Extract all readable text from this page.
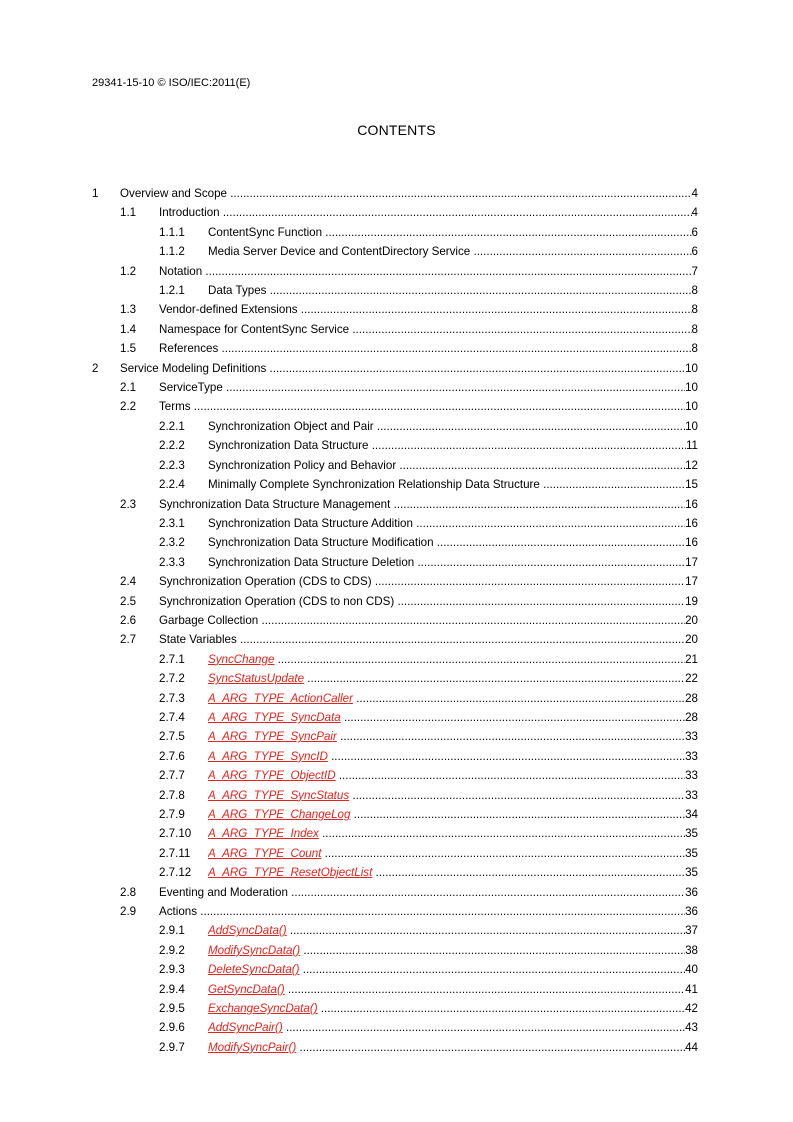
29341-15-10 © ISO/IEC:2011(E)
CONTENTS
1	Overview and Scope .....	4
1.1	Introduction .....	4
1.1.1	ContentSync Function .....	6
1.1.2	Media Server Device and ContentDirectory Service .....	6
1.2	Notation .....	7
1.2.1	Data Types .....	8
1.3	Vendor-defined Extensions .....	8
1.4	Namespace for ContentSync Service .....	8
1.5	References .....	8
2	Service Modeling Definitions .....	10
2.1	ServiceType .....	10
2.2	Terms .....	10
2.2.1	Synchronization Object and Pair .....	10
2.2.2	Synchronization Data Structure .....	11
2.2.3	Synchronization Policy and Behavior .....	12
2.2.4	Minimally Complete Synchronization Relationship Data Structure .....	15
2.3	Synchronization Data Structure Management .....	16
2.3.1	Synchronization Data Structure Addition .....	16
2.3.2	Synchronization Data Structure Modification .....	16
2.3.3	Synchronization Data Structure Deletion .....	17
2.4	Synchronization Operation (CDS to CDS) .....	17
2.5	Synchronization Operation (CDS to non CDS) .....	19
2.6	Garbage Collection .....	20
2.7	State Variables .....	20
2.7.1	SyncChange .....	21
2.7.2	SyncStatusUpdate .....	22
2.7.3	A_ARG_TYPE_ActionCaller .....	28
2.7.4	A_ARG_TYPE_SyncData .....	28
2.7.5	A_ARG_TYPE_SyncPair .....	33
2.7.6	A_ARG_TYPE_SyncID .....	33
2.7.7	A_ARG_TYPE_ObjectID .....	33
2.7.8	A_ARG_TYPE_SyncStatus .....	33
2.7.9	A_ARG_TYPE_ChangeLog .....	34
2.7.10	A_ARG_TYPE_Index .....	35
2.7.11	A_ARG_TYPE_Count .....	35
2.7.12	A_ARG_TYPE_ResetObjectList .....	35
2.8	Eventing and Moderation .....	36
2.9	Actions .....	36
2.9.1	AddSyncData() .....	37
2.9.2	ModifySyncData() .....	38
2.9.3	DeleteSyncData() .....	40
2.9.4	GetSyncData() .....	41
2.9.5	ExchangeSyncData() .....	42
2.9.6	AddSyncPair() .....	43
2.9.7	ModifySyncPair() .....	44
